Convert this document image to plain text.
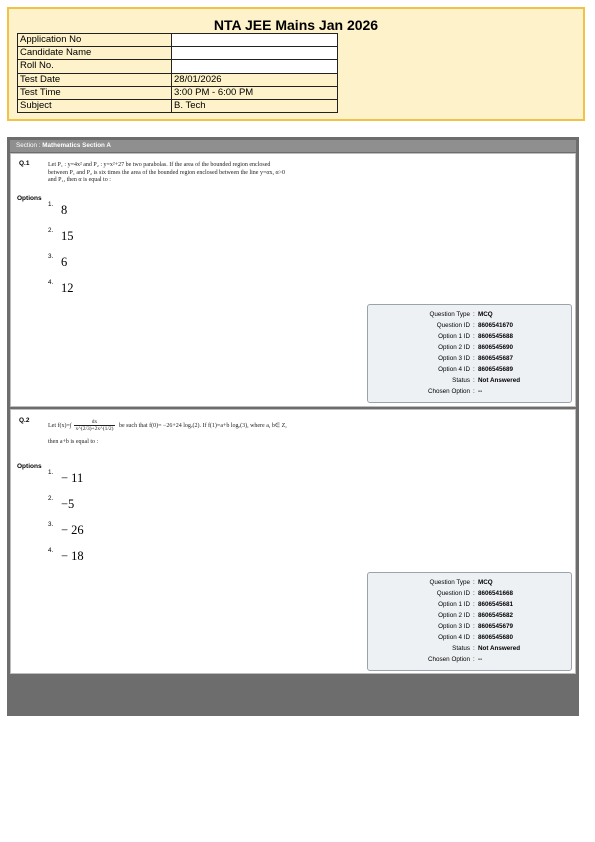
NTA JEE Mains Jan 2026
Application No	
Candidate Name	
Roll No.	
Test Date	28/01/2026
Test Time	3:00 PM - 6:00 PM
Subject	B. Tech
Section : Mathematics Section A
Q.1	Let P₁ : y=4x² and P₂ : y=x²+27 be two parabolas. If the area of the bounded region enclosed
between P₁ and P₂ is six times the area of the bounded region enclosed between the line y=αx, α>0
and P₁, then α is equal to :
Options
1. 8
2. 15
3. 6
4. 12
Question Type : MCQ
Question ID : 8606541670
Option 1 ID : 8606545688
Option 2 ID : 8606545690
Option 3 ID : 8606545687
Option 4 ID : 8606545689
Status : Not Answered
Chosen Option : --
Q.2
Let $f(x)=\int \frac{dx}{x\^{}(2/3)+2x\^{}(1/2)}$ be such that f(0)= −26+24 logₑ(2). If f(1)=a+b logₑ(3), where a, b∈ Z,
then a+b is equal to :
Options
1. − 11
2. −5
3. − 26
4. − 18
Question Type : MCQ
Question ID : 8606541668
Option 1 ID : 8606545681
Option 2 ID : 8606545682
Option 3 ID : 8606545679
Option 4 ID : 8606545680
Status : Not Answered
Chosen Option : --
